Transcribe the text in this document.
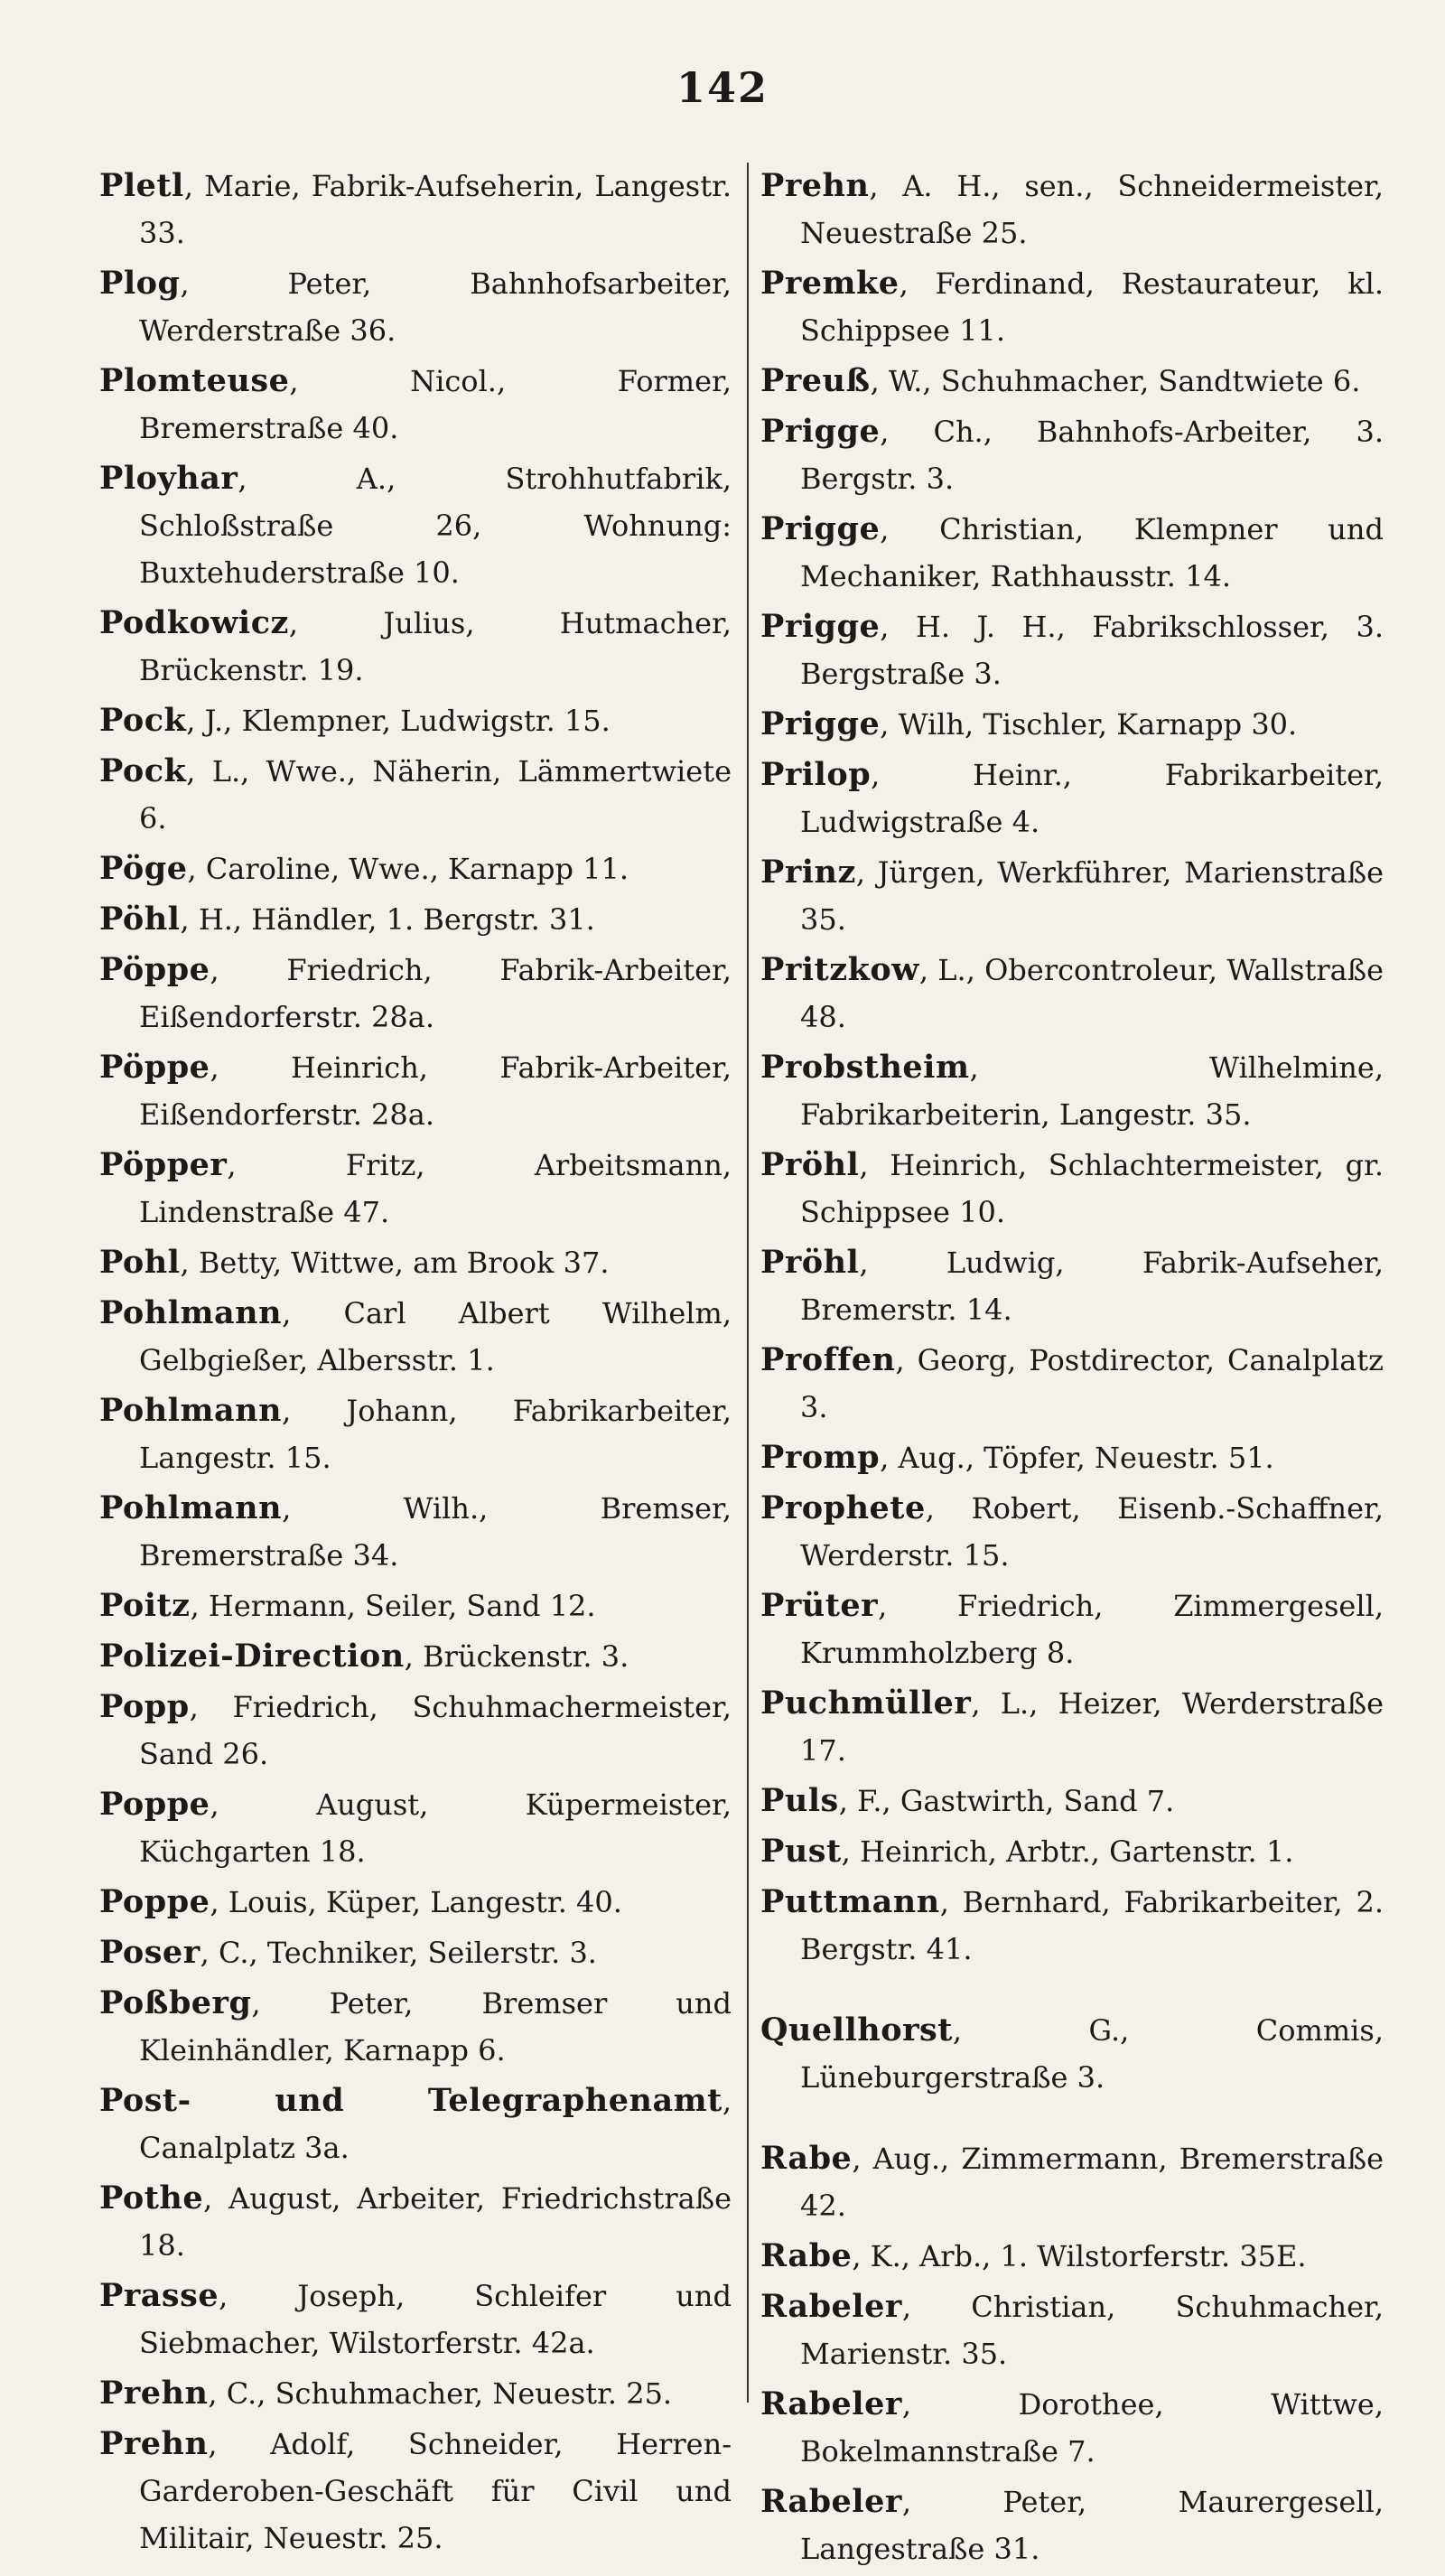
142
Pletl, Marie, Fabrik-Aufseherin, Langestr. 33.
Plog, Peter, Bahnhofsarbeiter, Werderstraße 36.
Plomteuse, Nicol., Former, Bremerstraße 40.
Ployhar, A., Strohhutfabrik, Schloßstraße 26, Wohnung: Buxtehuderstraße 10.
Podkowicz, Julius, Hutmacher, Brückenstr. 19.
Pock, J., Klempner, Ludwigstr. 15.
Pock, L., Wwe., Näherin, Lämmertwiete 6.
Pöge, Caroline, Wwe., Karnapp 11.
Pöhl, H., Händler, 1. Bergstr. 31.
Pöppe, Friedrich, Fabrik-Arbeiter, Eißendorferstr. 28a.
Pöppe, Heinrich, Fabrik-Arbeiter, Eißendorferstr. 28a.
Pöpper, Fritz, Arbeitsmann, Lindenstraße 47.
Pohl, Betty, Wittwe, am Brook 37.
Pohlmann, Carl Albert Wilhelm, Gelbgießer, Albersstr. 1.
Pohlmann, Johann, Fabrikarbeiter, Langestr. 15.
Pohlmann, Wilh., Bremser, Bremerstraße 34.
Poitz, Hermann, Seiler, Sand 12.
Polizei-Direction, Brückenstr. 3.
Popp, Friedrich, Schuhmachermeister, Sand 26.
Poppe, August, Küpermeister, Küchgarten 18.
Poppe, Louis, Küper, Langestr. 40.
Poser, C., Techniker, Seilerstr. 3.
Poßberg, Peter, Bremser und Kleinhändler, Karnapp 6.
Post- und Telegraphenamt, Canalplatz 3a.
Pothe, August, Arbeiter, Friedrichstraße 18.
Prasse, Joseph, Schleifer und Siebmacher, Wilstorferstr. 42a.
Prehn, C., Schuhmacher, Neuestr. 25.
Prehn, Adolf, Schneider, Herren-Garderoben-Geschäft für Civil und Militair, Neuestr. 25.
Prehn, A. H., sen., Schneidermeister, Neuestraße 25.
Premke, Ferdinand, Restaurateur, kl. Schippsee 11.
Preuß, W., Schuhmacher, Sandtwiete 6.
Prigge, Ch., Bahnhofs-Arbeiter, 3. Bergstr. 3.
Prigge, Christian, Klempner und Mechaniker, Rathhausstr. 14.
Prigge, H. J. H., Fabrikschlosser, 3. Bergstraße 3.
Prigge, Wilh, Tischler, Karnapp 30.
Prilop, Heinr., Fabrikarbeiter, Ludwigstraße 4.
Prinz, Jürgen, Werkführer, Marienstraße 35.
Pritzkow, L., Obercontroleur, Wallstraße 48.
Probstheim, Wilhelmine, Fabrikarbeiterin, Langestr. 35.
Pröhl, Heinrich, Schlachtermeister, gr. Schippsee 10.
Pröhl, Ludwig, Fabrik-Aufseher, Bremerstr. 14.
Proffen, Georg, Postdirector, Canalplatz 3.
Promp, Aug., Töpfer, Neuestr. 51.
Prophete, Robert, Eisenb.-Schaffner, Werderstr. 15.
Prüter, Friedrich, Zimmergesell, Krummholzberg 8.
Puchmüller, L., Heizer, Werderstraße 17.
Puls, F., Gastwirth, Sand 7.
Pust, Heinrich, Arbtr., Gartenstr. 1.
Puttmann, Bernhard, Fabrikarbeiter, 2. Bergstr. 41.
Quellhorst, G., Commis, Lüneburgerstraße 3.
Rabe, Aug., Zimmermann, Bremerstraße 42.
Rabe, K., Arb., 1. Wilstorferstr. 35E.
Rabeler, Christian, Schuhmacher, Marienstr. 35.
Rabeler, Dorothee, Wittwe, Bokelmannstraße 7.
Rabeler, Peter, Maurergesell, Langestraße 31.
